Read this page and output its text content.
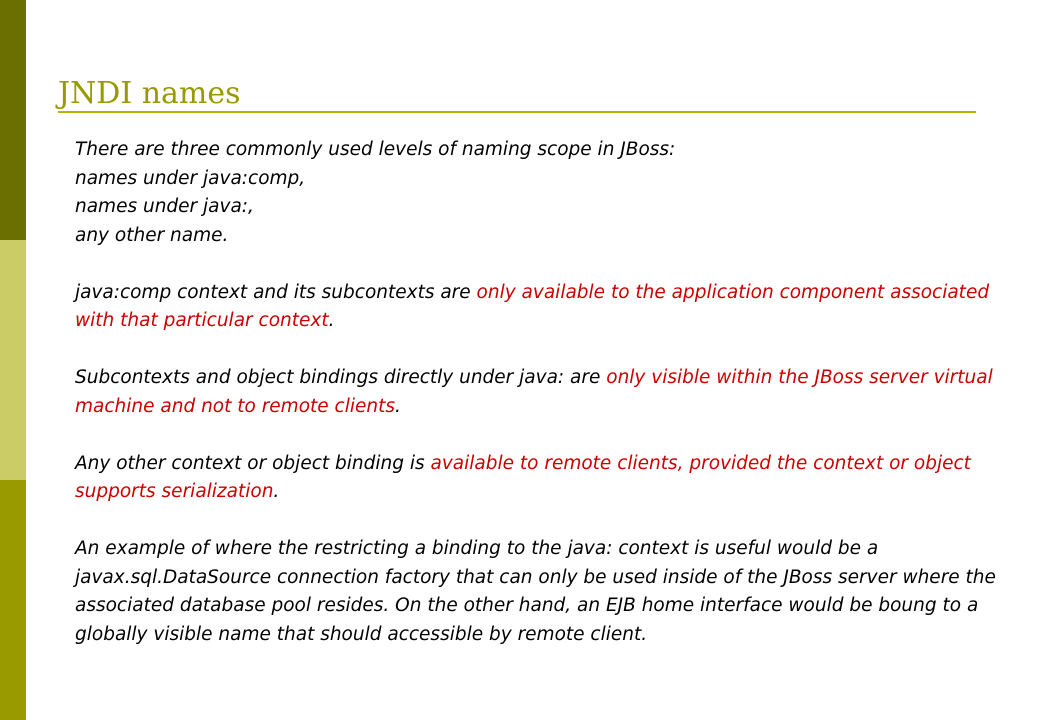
JNDI names

There are three commonly used levels of naming scope in JBoss:
names under java:comp,
names under java:,
any other name.

java:comp context and its subcontexts are only available to the application component associated with that particular context.

Subcontexts and object bindings directly under java: are only visible within the JBoss server virtual machine and not to remote clients.

Any other context or object binding is available to remote clients, provided the context or object supports serialization.

An example of where the restricting a binding to the java: context is useful would be a javax.sql.DataSource connection factory that can only be used inside of the JBoss server where the associated database pool resides. On the other hand, an EJB home interface would be boung to a globally visible name that should accessible by remote client.
